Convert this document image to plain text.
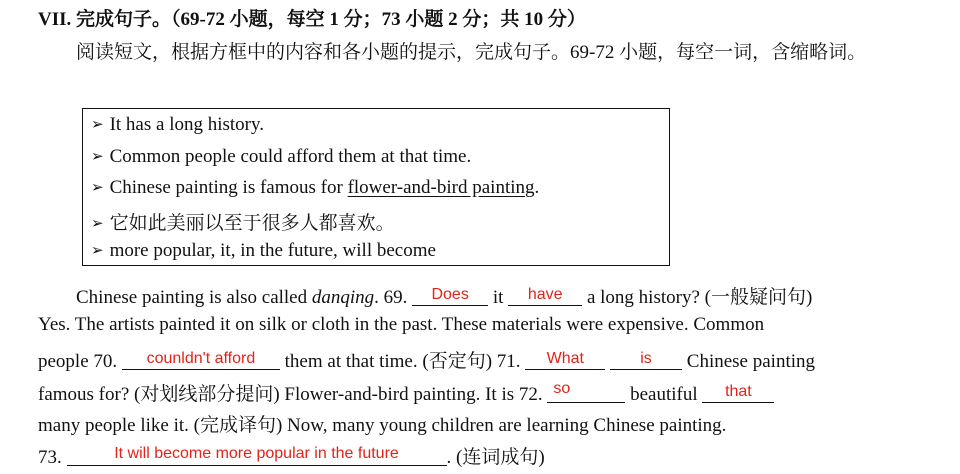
VII. 完成句子。（69-72 小题，每空 1 分；73 小题 2 分；共 10 分）
阅读短文，根据方框中的内容和各小题的提示，完成句子。69-72 小题，每空一词，含缩略词。
➢ It has a long history.
➢ Common people could afford them at that time.
➢ Chinese painting is famous for flower-and-bird painting.
➢ 它如此美丽以至于很多人都喜欢。
➢ more popular, it, in the future, will become
Chinese painting is also called danqing. 69.	Does	it	have	a long history? (一般疑问句)
Yes. The artists painted it on silk or cloth in the past. These materials were expensive. Common
people 70.	counldn't afford	them at that time. (否定句) 71.	What
	is	Chinese painting
famous for? (对划线部分提问) Flower-and-bird painting. It is 72. so	beautiful	that
many people like it. (完成译句) Now, many young children are learning Chinese painting.
73.	It will become more popular in the future	. (连词成句)
